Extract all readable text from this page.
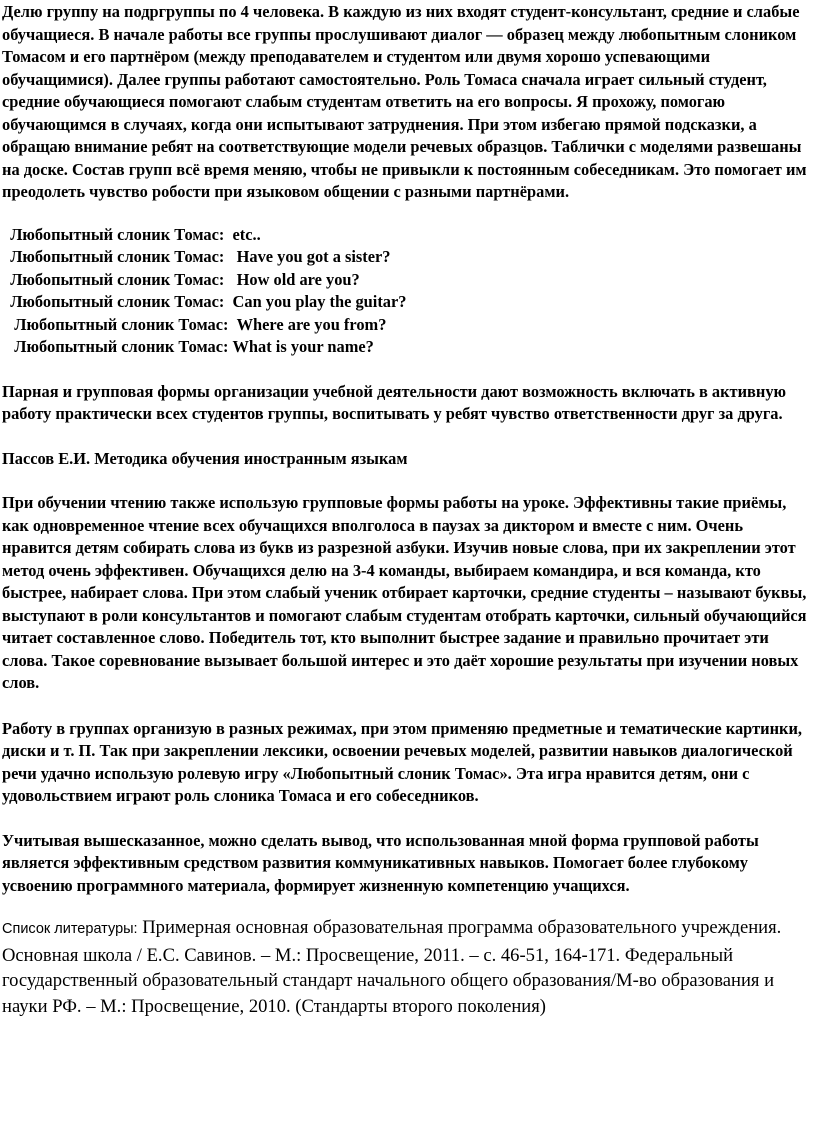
Делю группу на подргруппы по 4 человека. В каждую из них входят студент-консультант, средние и слабые обучащиеся. В начале работы все группы прослушивают диалог — образец между любопытным слоником Томасом и его партнёром (между преподавателем и студентом или двумя хорошо успевающими обучащимися). Далее группы работают самостоятельно. Роль Томаса сначала играет сильный студент, средние обучающиеся помогают слабым студентам ответить на его вопросы. Я прохожу, помогаю обучающимся в случаях, когда они испытывают затруднения. При этом избегаю прямой подсказки, а обращаю внимание ребят на соответствующие модели речевых образцов. Таблички с моделями развешаны на доске. Состав групп всё время меняю, чтобы не привыкли к постоянным собеседникам. Это помогает им преодолеть чувство робости при языковом общении с разными партнёрами.

Любопытный слоник Томас:  etc..
Любопытный слоник Томас:   Have you got a sister?
Любопытный слоник Томас:   How old are you?
Любопытный слоник Томас:  Can you play the guitar?
Любопытный слоник Томас:  Where are you from?
Любопытный слоник Томас: What is your name?

Парная и групповая формы организации учебной деятельности дают возможность включать в активную работу практически всех студентов группы, воспитывать у ребят чувство ответственности друг за друга.

Пассов Е.И. Методика обучения иностранным языкам

При обучении чтению также использую групповые формы работы на уроке. Эффективны такие приёмы, как одновременное чтение всех обучащихся вполголоса в паузах за диктором и вместе с ним. Очень нравится детям собирать слова из букв из разрезной азбуки. Изучив новые слова, при их закреплении этот метод очень эффективен. Обучащихся делю на 3-4 команды, выбираем командира, и вся команда, кто быстрее, набирает слова. При этом слабый ученик отбирает карточки, средние студенты – называют буквы, выступают в роли консультантов и помогают слабым студентам отобрать карточки, сильный обучающийся читает составленное слово. Победитель тот, кто выполнит быстрее задание и правильно прочитает эти слова. Такое соревнование вызывает большой интерес и это даёт хорошие результаты при изучении новых слов.

Работу в группах организую в разных режимах, при этом применяю предметные и тематические картинки, диски и т. П. Так при закреплении лексики, освоении речевых моделей, развитии навыков диалогической речи удачно использую ролевую игру «Любопытный слоник Томас». Эта игра нравится детям, они с удовольствием играют роль слоника Томаса и его собеседников.

Учитывая вышесказанное, можно сделать вывод, что использованная мной форма групповой работы является эффективным средством развития коммуникативных навыков. Помогает более глубокому усвоению программного материала, формирует жизненную компетенцию учащихся.

Список литературы: Примерная основная образовательная программа образовательного учреждения. Основная школа / Е.С. Савинов. – М.: Просвещение, 2011. – с. 46-51, 164-171. Федеральный государственный образовательный стандарт начального общего образования/М-во образования и науки РФ. – М.: Просвещение, 2010. (Стандарты второго поколения)
